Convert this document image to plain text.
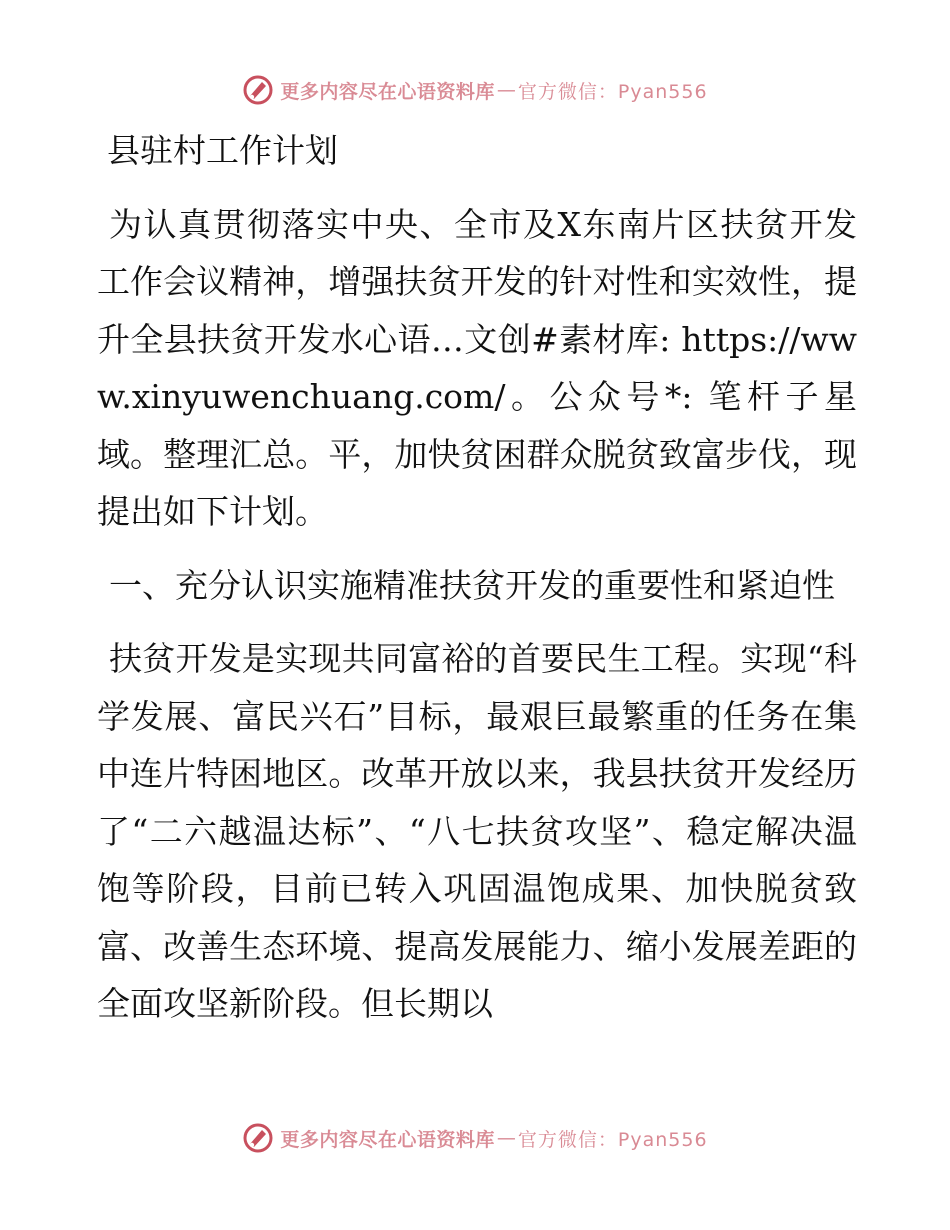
更多内容尽在心语资料库 — 官方微信：Pyan556

县驻村工作计划

为认真贯彻落实中央、全市及X东南片区扶贫开发工作会议精神，增强扶贫开发的针对性和实效性，提升全县扶贫开发水心语…文创#素材库: https://www.xinyuwenchuang.com/。公众号*: 笔杆子星域。整理汇总。平，加快贫困群众脱贫致富步伐，现提出如下计划。

一、充分认识实施精准扶贫开发的重要性和紧迫性

扶贫开发是实现共同富裕的首要民生工程。实现“科学发展、富民兴石”目标，最艰巨最繁重的任务在集中连片特困地区。改革开放以来，我县扶贫开发经历了“二六越温达标”、“八七扶贫攻坚”、稳定解决温饱等阶段，目前已转入巩固温饱成果、加快脱贫致富、改善生态环境、提高发展能力、缩小发展差距的全面攻坚新阶段。但长期以

更多内容尽在心语资料库 — 官方微信：Pyan556
